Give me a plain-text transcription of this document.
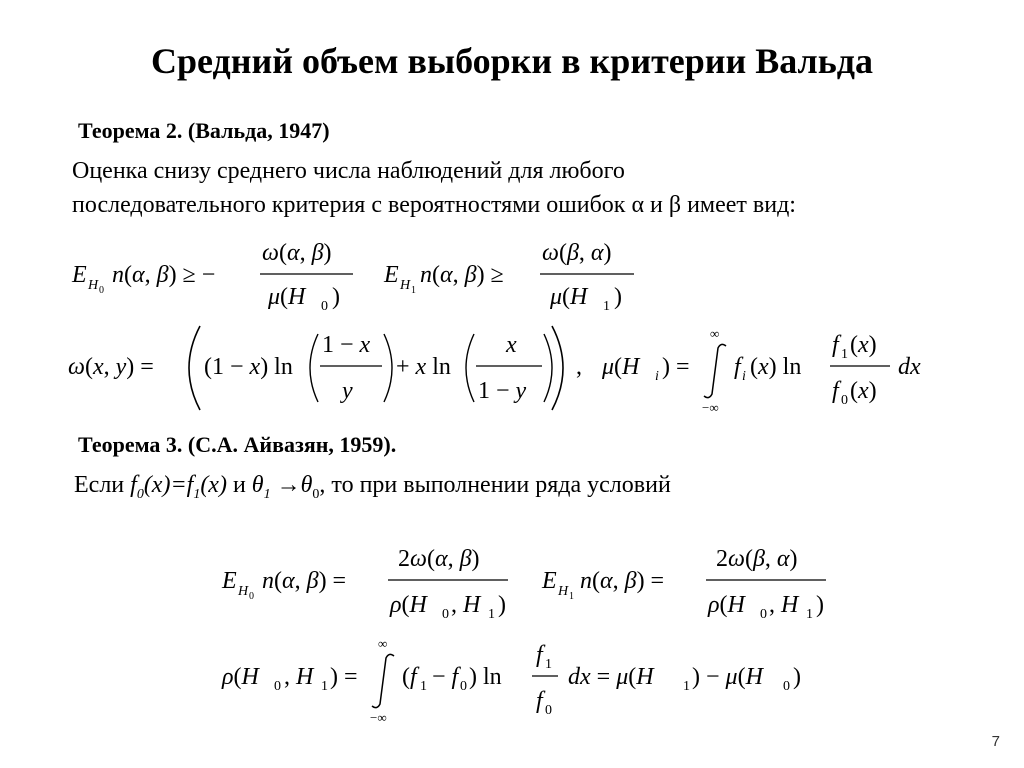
Средний объем выборки в критерии Вальда
Теорема 2. (Вальда, 1947)
Оценка снизу среднего числа наблюдений для любого
последовательного критерия с вероятностями ошибок α и β имеет вид:
E H 0
n(α, β) ≥ −
ω(α, β)
μ(H 0 )
E H 1
n(α, β) ≥
ω(β, α)
μ(H 1 )
ω(x, y) = (1 − x) ln
1 − x
y
+ x ln
x
1 − y
, μ(H i ) =
∞
−∞
f i (x) ln
f 1 (x)
f 0 (x)
dx
Теорема 3. (С.А. Айвазян, 1959).
Если $f_0(x)=f_1(x)$ и $\theta_1 \to\theta_0$, то при выполнении ряда условий
E H 0
n(α, β) =
2ω(α, β)
ρ(H 0 , H 1 )
E H 1
n(α, β) =
2ω(β, α)
ρ(H 0 , H 1 )
ρ(H 0 , H 1 ) =
∞
−∞
(f 1 − f 0 ) ln
f 1
f 0
dx = μ(H 1 ) − μ(H 0 )
7
